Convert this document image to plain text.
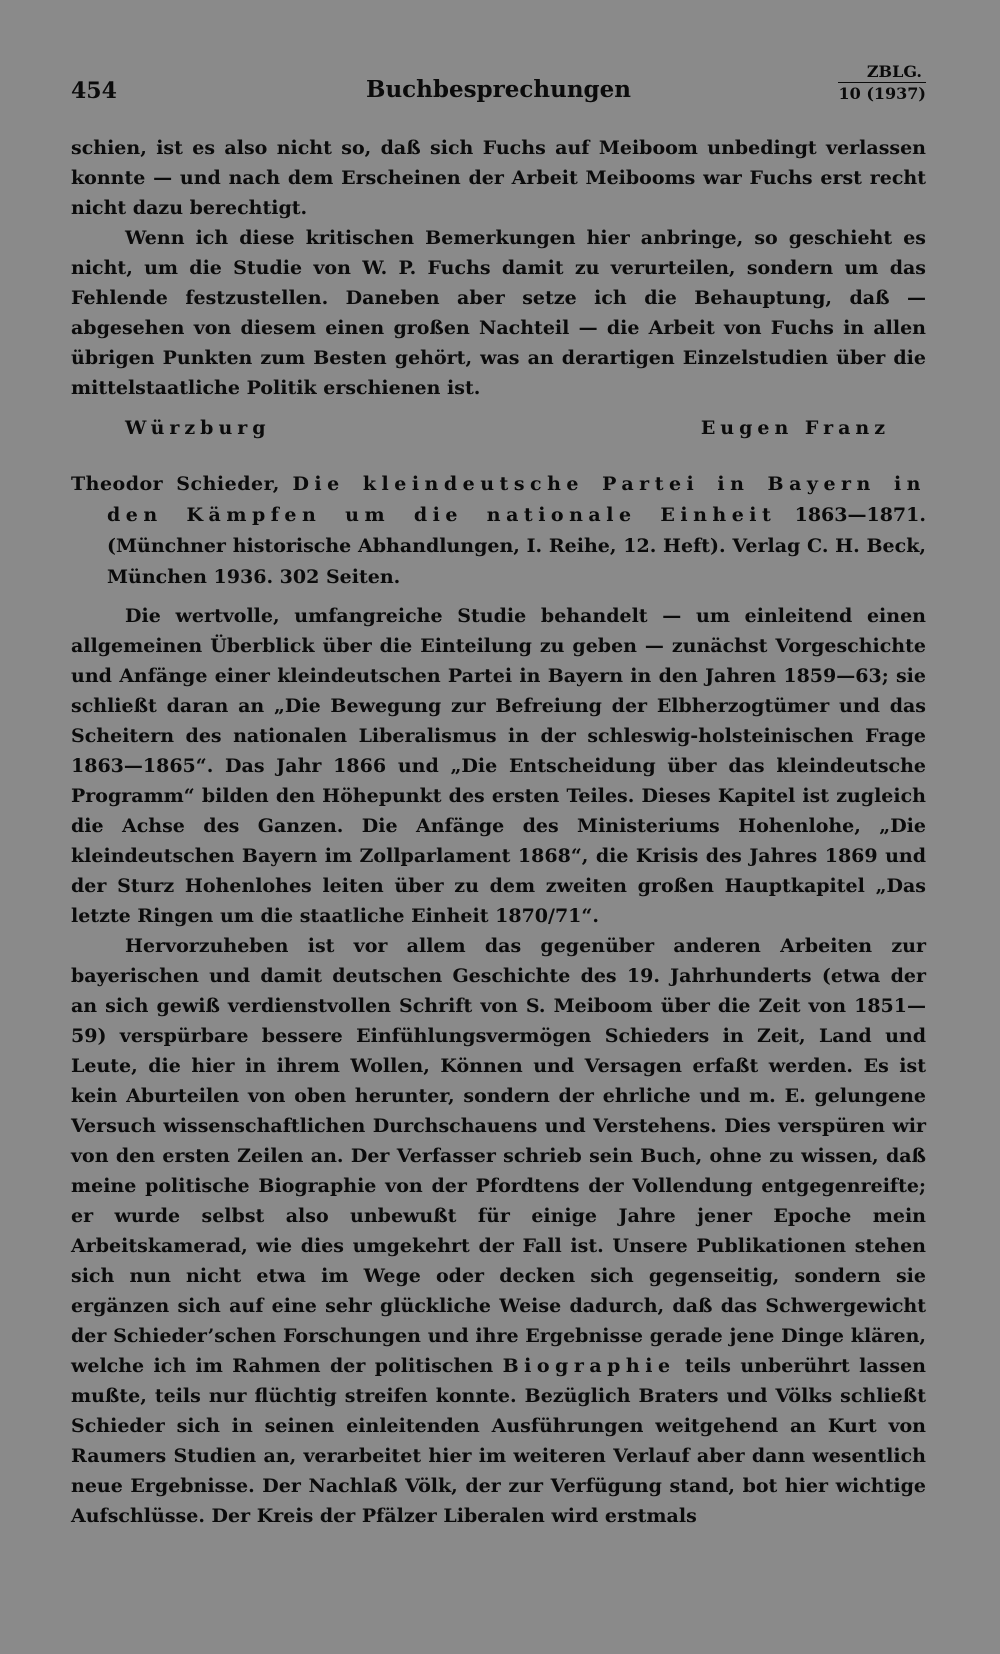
454	Buchbesprechungen
ZBLG.
10 (1937)

schien, ist es also nicht so, daß sich Fuchs auf Meiboom unbedingt verlassen konnte — und nach dem Erscheinen der Arbeit Meibooms war Fuchs erst recht nicht dazu berechtigt.

Wenn ich diese kritischen Bemerkungen hier anbringe, so geschieht es nicht, um die Studie von W. P. Fuchs damit zu verurteilen, sondern um das Fehlende festzustellen. Daneben aber setze ich die Behauptung, daß — abgesehen von diesem einen großen Nachteil — die Arbeit von Fuchs in allen übrigen Punkten zum Besten gehört, was an derartigen Einzelstudien über die mittelstaatliche Politik erschienen ist.

Würzburg	Eugen Franz
Theodor Schieder, Die kleindeutsche Partei in Bayern in den Kämpfen um die nationale Einheit 1863—1871. (Münchner historische Abhandlungen, I. Reihe, 12. Heft). Verlag C. H. Beck, München 1936. 302 Seiten.

Die wertvolle, umfangreiche Studie behandelt — um einleitend einen allgemeinen Überblick über die Einteilung zu geben — zunächst Vorgeschichte und Anfänge einer kleindeutschen Partei in Bayern in den Jahren 1859—63; sie schließt daran an „Die Bewegung zur Befreiung der Elbherzogtümer und das Scheitern des nationalen Liberalismus in der schleswig-holsteinischen Frage 1863—1865“. Das Jahr 1866 und „Die Entscheidung über das kleindeutsche Programm“ bilden den Höhepunkt des ersten Teiles. Dieses Kapitel ist zugleich die Achse des Ganzen. Die Anfänge des Ministeriums Hohenlohe, „Die kleindeutschen Bayern im Zollparlament 1868“, die Krisis des Jahres 1869 und der Sturz Hohenlohes leiten über zu dem zweiten großen Hauptkapitel „Das letzte Ringen um die staatliche Einheit 1870/71“.

Hervorzuheben ist vor allem das gegenüber anderen Arbeiten zur bayerischen und damit deutschen Geschichte des 19. Jahrhunderts (etwa der an sich gewiß verdienstvollen Schrift von S. Meiboom über die Zeit von 1851—59) verspürbare bessere Einfühlungsvermögen Schieders in Zeit, Land und Leute, die hier in ihrem Wollen, Können und Versagen erfaßt werden. Es ist kein Aburteilen von oben herunter, sondern der ehrliche und m. E. gelungene Versuch wissenschaftlichen Durchschauens und Verstehens. Dies verspüren wir von den ersten Zeilen an. Der Verfasser schrieb sein Buch, ohne zu wissen, daß meine politische Biographie von der Pfordtens der Vollendung entgegenreifte; er wurde selbst also unbewußt für einige Jahre jener Epoche mein Arbeitskamerad, wie dies umgekehrt der Fall ist. Unsere Publikationen stehen sich nun nicht etwa im Wege oder decken sich gegenseitig, sondern sie ergänzen sich auf eine sehr glückliche Weise dadurch, daß das Schwergewicht der Schieder’schen Forschungen und ihre Ergebnisse gerade jene Dinge klären, welche ich im Rahmen der politischen Biographie teils unberührt lassen mußte, teils nur flüchtig streifen konnte. Bezüglich Braters und Völks schließt Schieder sich in seinen einleitenden Ausführungen weitgehend an Kurt von Raumers Studien an, verarbeitet hier im weiteren Verlauf aber dann wesentlich neue Ergebnisse. Der Nachlaß Völk, der zur Verfügung stand, bot hier wichtige Aufschlüsse. Der Kreis der Pfälzer Liberalen wird erstmals
